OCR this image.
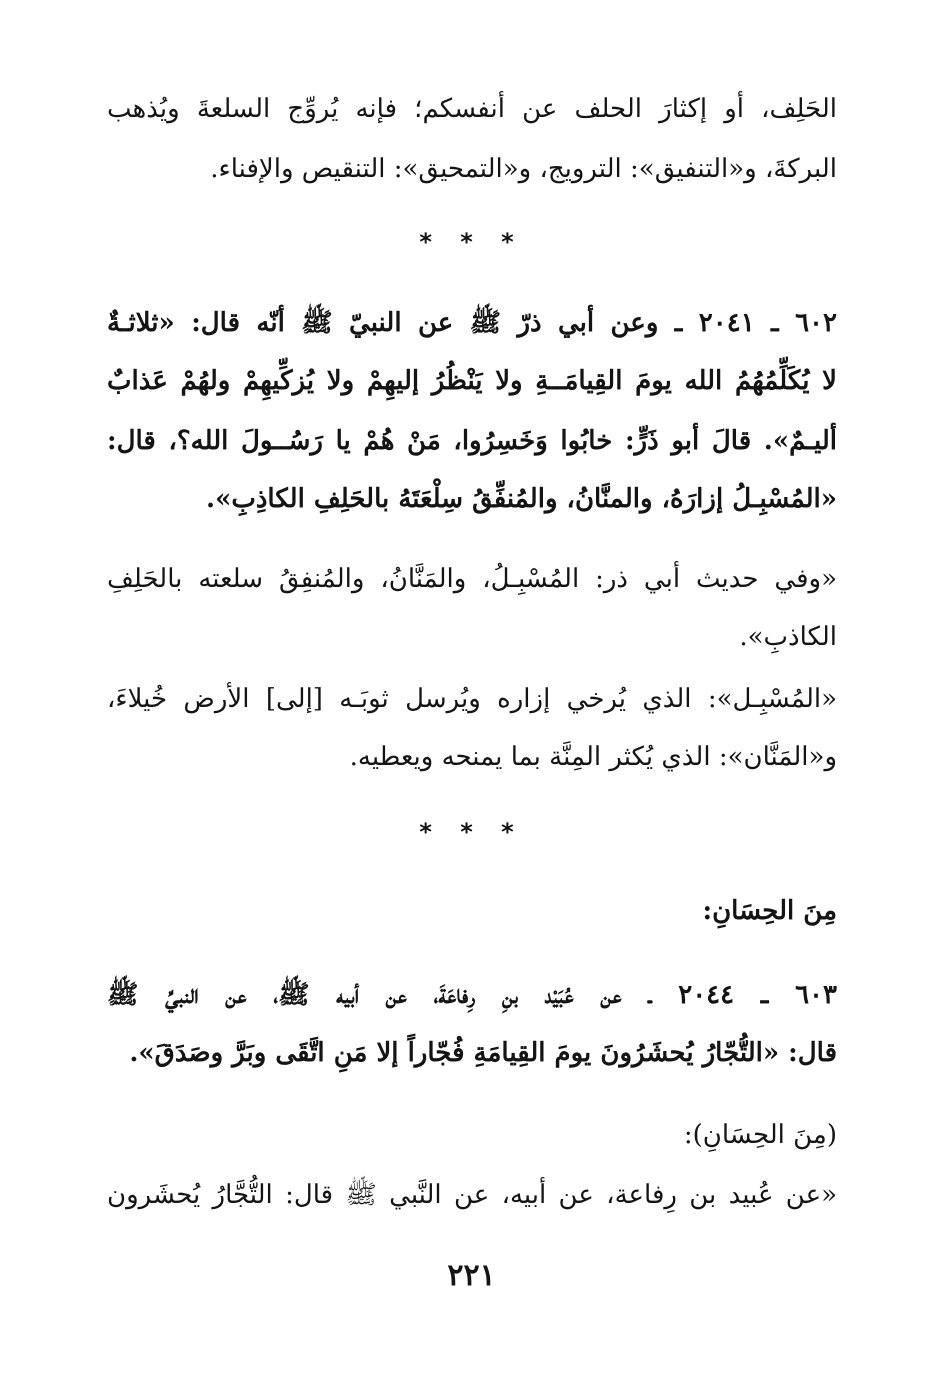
الحَلِف، أو إكثارَ الحلف عن أنفسكم؛ فإنه يُروِّج السلعةَ ويُذهب
البركةَ، و«التنفيق»: الترويج، و«التمحيق»: التنقيص والإفناء.
* * *
٦٠٢ ـ ٢٠٤١ ـ وعن أبي ذرّ ﷺ عن النبيّ ﷺ أنّه قال: «ثلاثـةٌ
لا يُكَلِّمُهُمُ الله يومَ القِيامَــةِ ولا يَنْظُرُ إليهِمْ ولا يُزكِّيهِمْ ولهُمْ عَذابٌ
أليـمٌ». قالَ أبو ذَرٍّ: خابُوا وَخَسِرُوا، مَنْ هُمْ يا رَسُــولَ الله؟، قال:
«المُسْبِـلُ إزارَهُ، والمنَّانُ، والمُنفِّقُ سِلْعَتَهُ بالحَلِفِ الكاذِبِ».
«وفي حديث أبي ذر: المُسْبِـلُ، والمَنَّانُ، والمُنفِقُ سلعته بالحَلِفِ
الكاذبِ».
«المُسْبِـل»: الذي يُرخي إزاره ويُرسل ثوبَـه [إلى] الأرض خُيلاءَ،
و«المَنَّان»: الذي يُكثر المِنَّة بما يمنحه ويعطيه.
* * *
مِنَ الحِسَانِ:
٦٠٣ ـ ٢٠٤٤ ـ عن عُبَيْد بنِ رِفاعَةَ، عن أبيه ﷺ، عن النبيِّ ﷺ
قال: «التُّجّارُ يُحشَرُونَ يومَ القِيامَةِ فُجّاراً إلا مَنِ اتَّقَى وبَرَّ وصَدَقَ».
(مِنَ الحِسَانِ):
«عن عُبيد بن رِفاعة، عن أبيه، عن النَّبي ﷺ قال: التُّجَّارُ يُحشَرون
٢٢١
